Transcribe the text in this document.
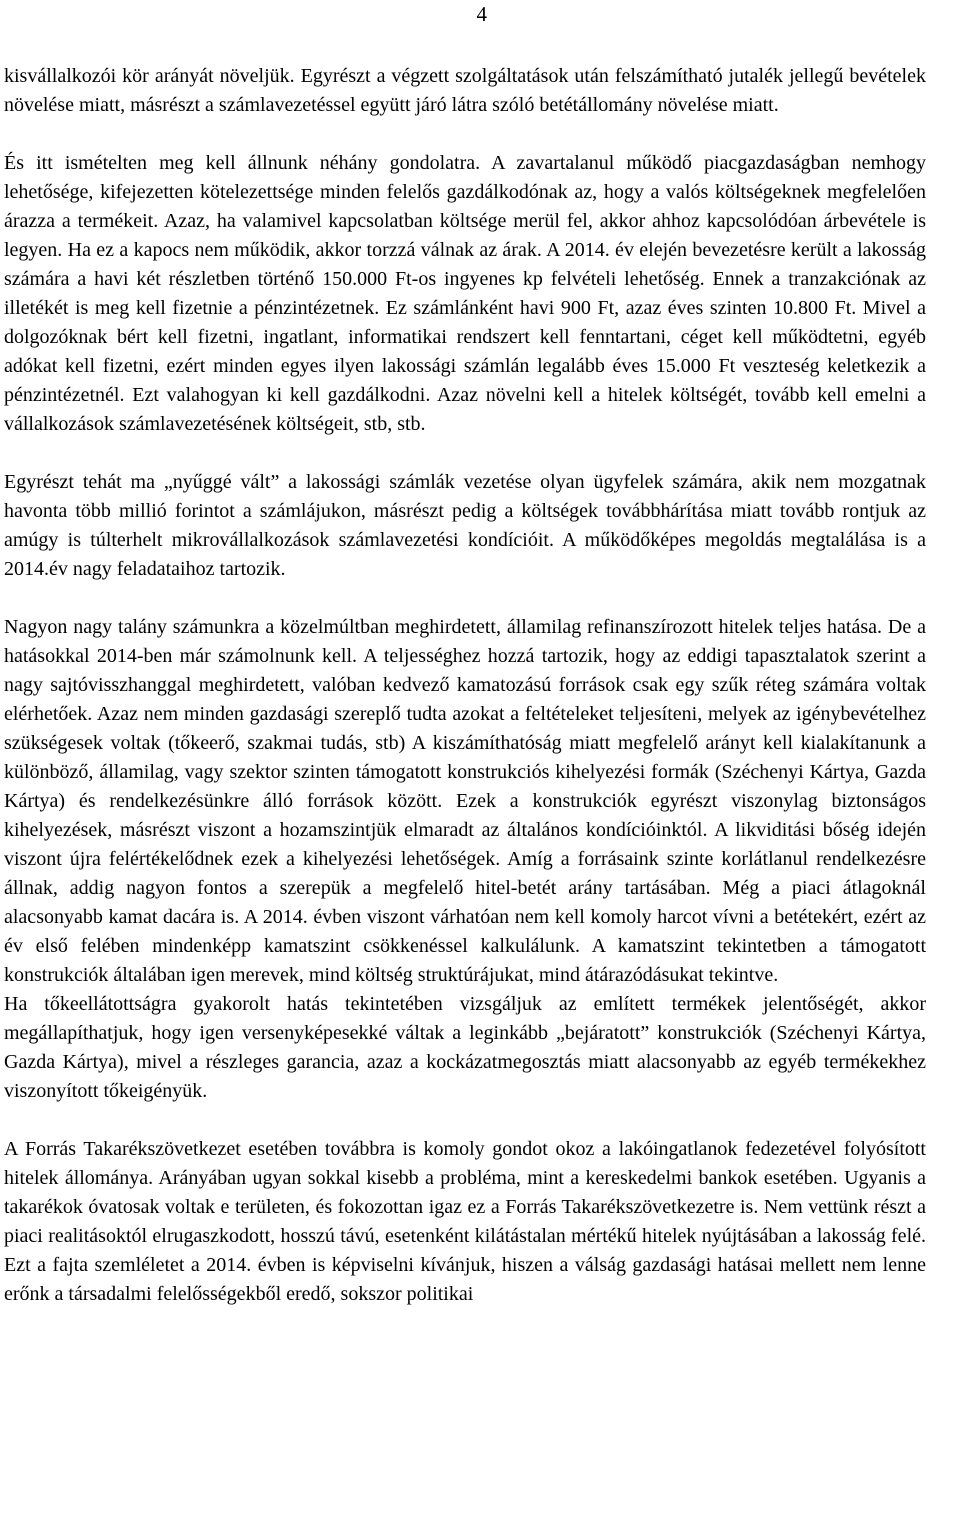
4

kisvállalkozói kör arányát növeljük. Egyrészt a végzett szolgáltatások után felszámítható jutalék jellegű bevételek növelése miatt, másrészt a számlavezetéssel együtt járó látra szóló betétállomány növelése miatt.

És itt ismételten meg kell állnunk néhány gondolatra. A zavartalanul működő piacgazdaságban nemhogy lehetősége, kifejezetten kötelezettsége minden felelős gazdálkodónak az, hogy a valós költségeknek megfelelően árazza a termékeit. Azaz, ha valamivel kapcsolatban költsége merül fel, akkor ahhoz kapcsolódóan árbevétele is legyen. Ha ez a kapocs nem működik, akkor torzzá válnak az árak. A 2014. év elején bevezetésre került a lakosság számára a havi két részletben történő 150.000 Ft-os ingyenes kp felvételi lehetőség. Ennek a tranzakciónak az illetékét is meg kell fizetnie a pénzintézetnek. Ez számlánként havi 900 Ft, azaz éves szinten 10.800 Ft. Mivel a dolgozóknak bért kell fizetni, ingatlant, informatikai rendszert kell fenntartani, céget kell működtetni, egyéb adókat kell fizetni, ezért minden egyes ilyen lakossági számlán legalább éves 15.000 Ft veszteség keletkezik a pénzintézetnél. Ezt valahogyan ki kell gazdálkodni. Azaz növelni kell a hitelek költségét, tovább kell emelni a vállalkozások számlavezetésének költségeit, stb, stb.

Egyrészt tehát ma „nyűggé vált” a lakossági számlák vezetése olyan ügyfelek számára, akik nem mozgatnak havonta több millió forintot a számlájukon, másrészt pedig a költségek továbbhárítása miatt tovább rontjuk az amúgy is túlterhelt mikrovállalkozások számlavezetési kondícióit. A működőképes megoldás megtalálása is a 2014.év nagy feladataihoz tartozik.

Nagyon nagy talány számunkra a közelmúltban meghirdetett, államilag refinanszírozott hitelek teljes hatása. De a hatásokkal 2014-ben már számolnunk kell. A teljességhez hozzá tartozik, hogy az eddigi tapasztalatok szerint a nagy sajtóvisszhanggal meghirdetett, valóban kedvező kamatozású források csak egy szűk réteg számára voltak elérhetőek. Azaz nem minden gazdasági szereplő tudta azokat a feltételeket teljesíteni, melyek az igénybevételhez szükségesek voltak (tőkeerő, szakmai tudás, stb) A kiszámíthatóság miatt megfelelő arányt kell kialakítanunk a különböző, államilag, vagy szektor szinten támogatott konstrukciós kihelyezési formák (Széchenyi Kártya, Gazda Kártya) és rendelkezésünkre álló források között. Ezek a konstrukciók egyrészt viszonylag biztonságos kihelyezések, másrészt viszont a hozamszintjük elmaradt az általános kondícióinktól. A likviditási bőség idején viszont újra felértékelődnek ezek a kihelyezési lehetőségek. Amíg a forrásaink szinte korlátlanul rendelkezésre állnak, addig nagyon fontos a szerepük a megfelelő hitel-betét arány tartásában. Még a piaci átlagoknál alacsonyabb kamat dacára is. A 2014. évben viszont várhatóan nem kell komoly harcot vívni a betétekért, ezért az év első felében mindenképp kamatszint csökkenéssel kalkulálunk. A kamatszint tekintetben a támogatott konstrukciók általában igen merevek, mind költség struktúrájukat, mind átárazódásukat tekintve.

Ha tőkeellátottságra gyakorolt hatás tekintetében vizsgáljuk az említett termékek jelentőségét, akkor megállapíthatjuk, hogy igen versenyképesekké váltak a leginkább „bejáratott” konstrukciók (Széchenyi Kártya, Gazda Kártya), mivel a részleges garancia, azaz a kockázatmegosztás miatt alacsonyabb az egyéb termékekhez viszonyított tőkeigényük.

A Forrás Takarékszövetkezet esetében továbbra is komoly gondot okoz a lakóingatlanok fedezetével folyósított hitelek állománya. Arányában ugyan sokkal kisebb a probléma, mint a kereskedelmi bankok esetében. Ugyanis a takarékok óvatosak voltak e területen, és fokozottan igaz ez a Forrás Takarékszövetkezetre is. Nem vettünk részt a piaci realitásoktól elrugaszkodott, hosszú távú, esetenként kilátástalan mértékű hitelek nyújtásában a lakosság felé. Ezt a fajta szemléletet a 2014. évben is képviselni kívánjuk, hiszen a válság gazdasági hatásai mellett nem lenne erőnk a társadalmi felelősségekből eredő, sokszor politikai
